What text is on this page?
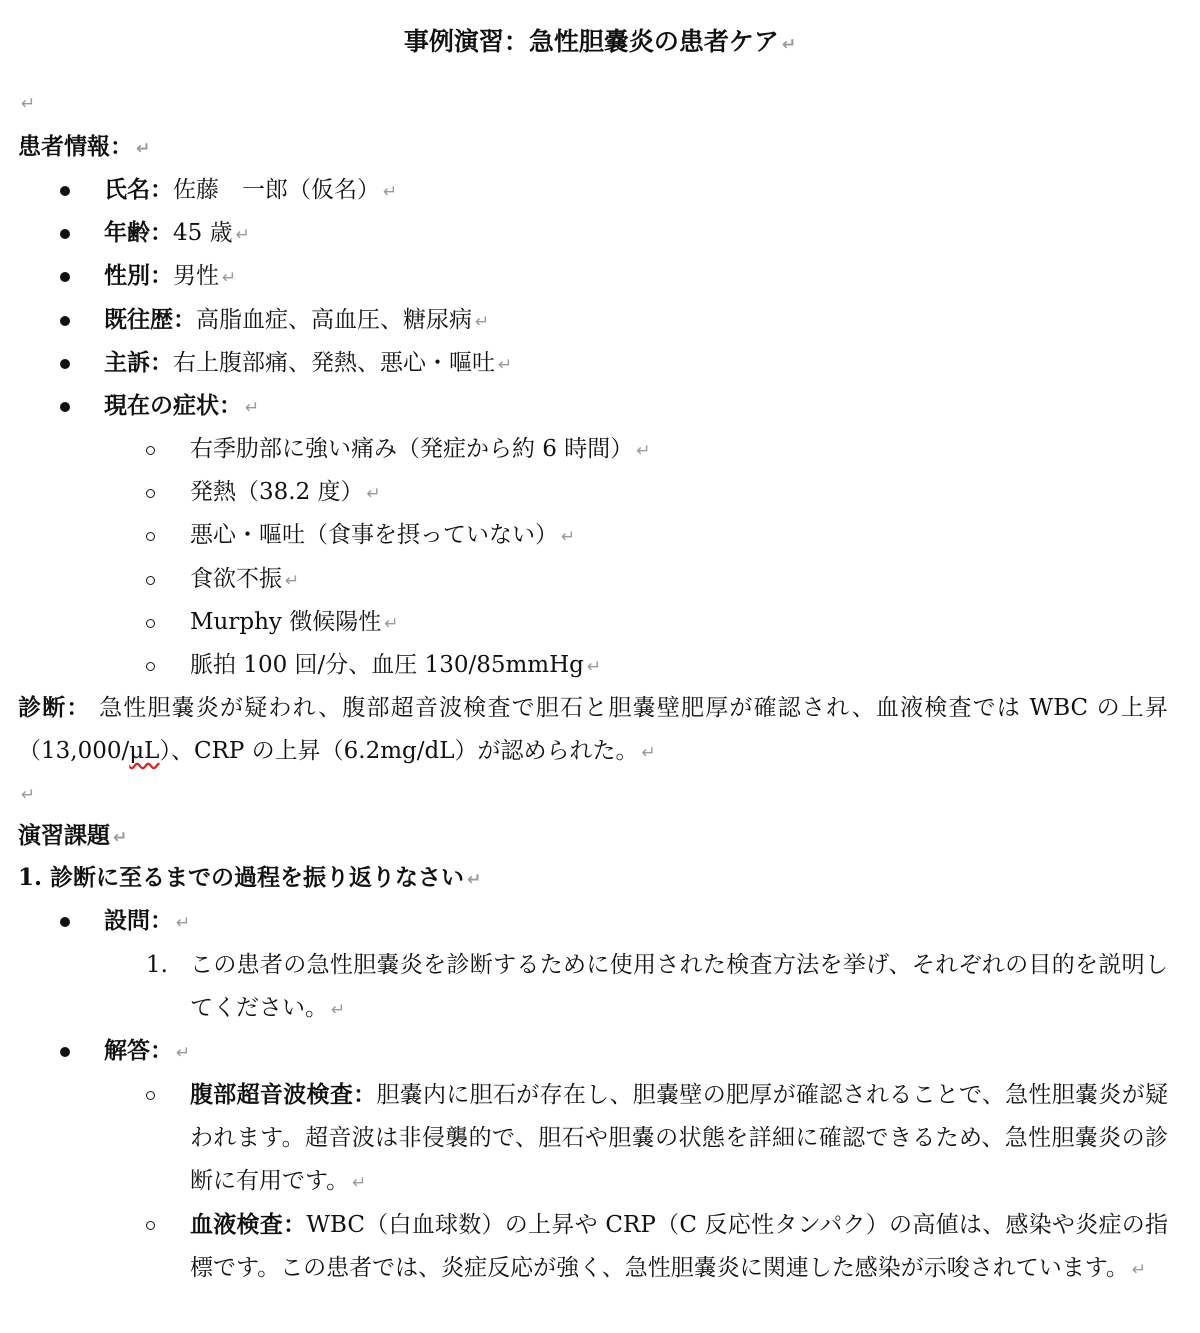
事例演習：急性胆嚢炎の患者ケア ↵
↵
患者情報： ↵
氏名：佐藤　一郎（仮名） ↵
年齢：45 歳 ↵
性別：男性 ↵
既往歴：高脂血症、高血圧、糖尿病 ↵
主訴：右上腹部痛、発熱、悪心・嘔吐 ↵
現在の症状： ↵
右季肋部に強い痛み（発症から約 6 時間） ↵
発熱（38.2 度） ↵
悪心・嘔吐（食事を摂っていない） ↵
食欲不振 ↵
Murphy 徴候陽性 ↵
脈拍 100 回/分、血圧 130/85mmHg ↵
診断： 急性胆嚢炎が疑われ、腹部超音波検査で胆石と胆嚢壁肥厚が確認され、血液検査では WBC の上昇（13,000/μL）、CRP の上昇（6.2mg/dL）が認められた。 ↵
↵
演習課題 ↵
1. 診断に至るまでの過程を振り返りなさい ↵
設問： ↵
1. この患者の急性胆嚢炎を診断するために使用された検査方法を挙げ、それぞれの目的を説明してください。 ↵
解答： ↵
腹部超音波検査：胆嚢内に胆石が存在し、胆嚢壁の肥厚が確認されることで、急性胆嚢炎が疑われます。超音波は非侵襲的で、胆石や胆嚢の状態を詳細に確認できるため、急性胆嚢炎の診断に有用です。 ↵
血液検査：WBC（白血球数）の上昇や CRP（C 反応性タンパク）の高値は、感染や炎症の指標です。この患者では、炎症反応が強く、急性胆嚢炎に関連した感染が示唆されています。 ↵
